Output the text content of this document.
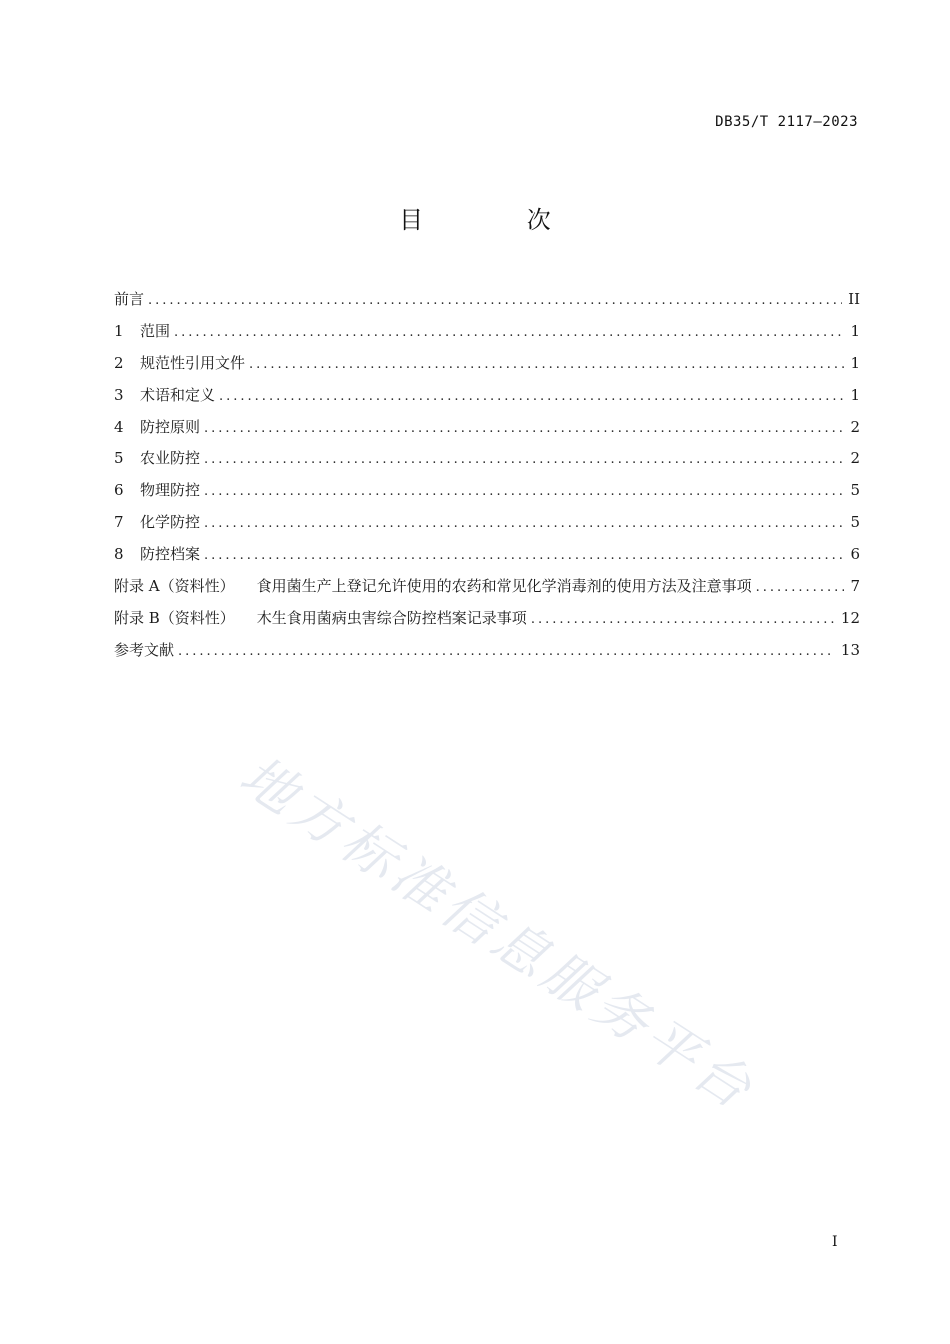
DB35/T 2117—2023
目 次
前言 .....	II
1	范围 .....	1
2	规范性引用文件 .....	1
3	术语和定义 .....	1
4	防控原则 .....	2
5	农业防控 .....	2
6	物理防控 .....	5
7	化学防控 .....	5
8	防控档案 .....	6
附录 A（资料性） 食用菌生产上登记允许使用的农药和常见化学消毒剂的使用方法及注意事项 .....	7
附录 B（资料性） 木生食用菌病虫害综合防控档案记录事项 .....	12
参考文献 .....	13
地方标准信息服务平台
I
